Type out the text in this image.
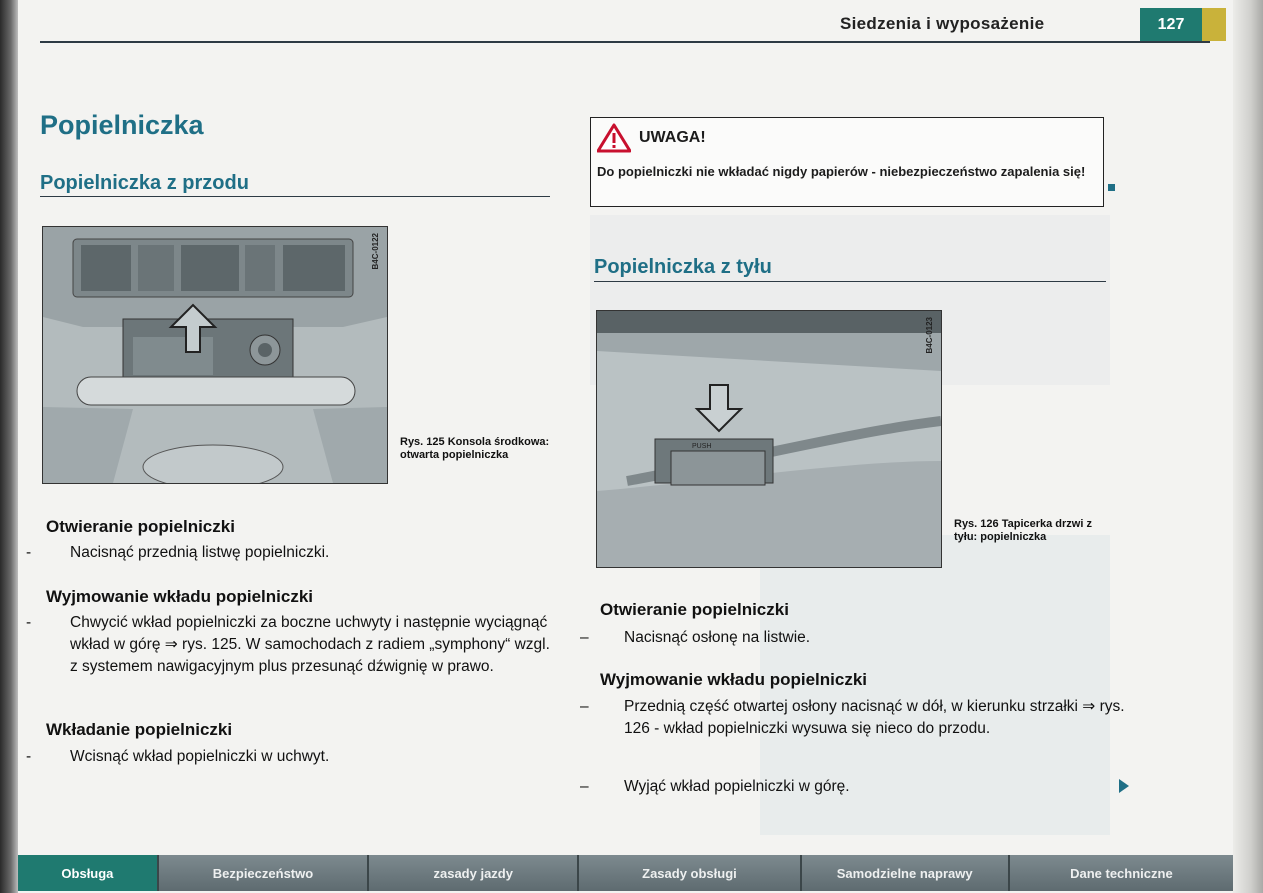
Siedzenia i wyposażenie	127
Popielniczka
Popielniczka z przodu
B4C-0122
Rys. 125 Konsola środkowa: otwarta popielniczka
Otwieranie popielniczki
-	Nacisnąć przednią listwę popielniczki.
Wyjmowanie wkładu popielniczki
-	Chwycić wkład popielniczki za boczne uchwyty i następnie wyciągnąć wkład w górę ⇒ rys. 125. W samochodach z radiem „symphony“ wzgl. z systemem nawigacyjnym plus przesunąć dźwignię w prawo.
Wkładanie popielniczki
-	Wcisnąć wkład popielniczki w uchwyt.
UWAGA!
Do popielniczki nie wkładać nigdy papierów - niebezpieczeństwo zapalenia się!
Popielniczka z tyłu
PUSH
B4C-0123
Rys. 126 Tapicerka drzwi z tyłu: popielniczka
Otwieranie popielniczki
– Nacisnąć osłonę na listwie.
Wyjmowanie wkładu popielniczki
– Przednią część otwartej osłony nacisnąć w dół, w kierunku strzałki ⇒ rys. 126 - wkład popielniczki wysuwa się nieco do przodu.
– Wyjąć wkład popielniczki w górę.
Obsługa	Bezpieczeństwo	zasady jazdy	Zasady obsługi	Samodzielne naprawy	Dane techniczne
